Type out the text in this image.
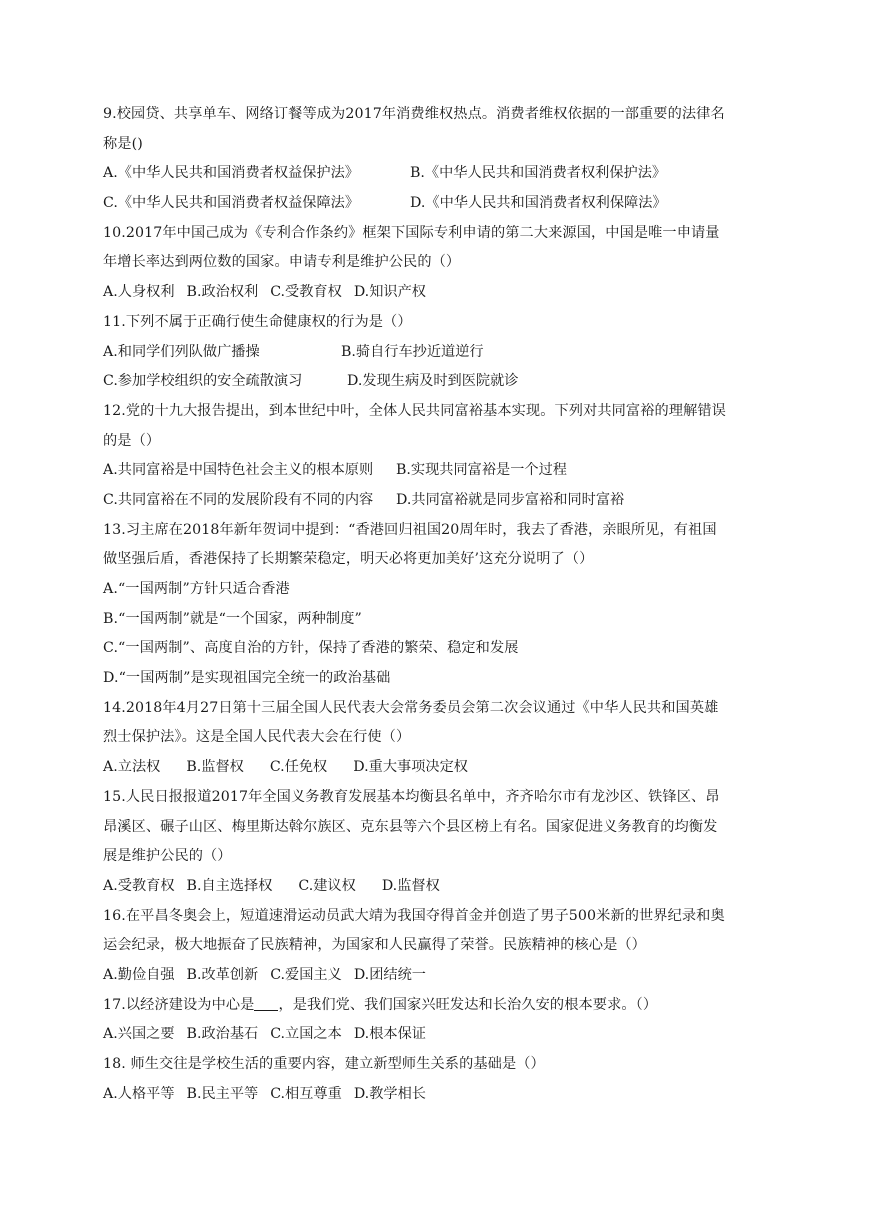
9.校园贷、共享单车、网络订餐等成为2017年消费维权热点。消费者维权依据的一部重要的法律名
称是()
A.《中华人民共和国消费者权益保护法》	B.《中华人民共和国消费者权利保护法》
C.《中华人民共和国消费者权益保障法》	D.《中华人民共和国消费者权利保障法》
10.2017年中国己成为《专利合作条约》框架下国际专利申请的第二大来源国，中国是唯一申请量
年增长率达到两位数的国家。申请专利是维护公民的（）
A.人身权利 B.政治权利 C.受教育权 D.知识产权
11.下列不属于正确行使生命健康权的行为是（）
A.和同学们列队做广播操	B.骑自行车抄近道逆行
C.参加学校组织的安全疏散演习	D.发现生病及时到医院就诊
12.党的十九大报告提出，到本世纪中叶，全体人民共同富裕基本实现。下列对共同富裕的理解错误
的是（）
A.共同富裕是中国特色社会主义的根本原则	B.实现共同富裕是一个过程
C.共同富裕在不同的发展阶段有不同的内容	D.共同富裕就是同步富裕和同时富裕
13.习主席在2018年新年贺词中提到：“香港回归祖国20周年时，我去了香港，亲眼所见，有祖国
做坚强后盾，香港保持了长期繁荣稳定，明天必将更加美好’这充分说明了（）
A.“一国两制”方针只适合香港
B.“一国两制”就是“一个国家，两种制度”
C.“一国两制”、高度自治的方针，保持了香港的繁荣、稳定和发展
D.“一国两制”是实现祖国完全统一的政治基础
14.2018年4月27日第十三届全国人民代表大会常务委员会第二次会议通过《中华人民共和国英雄
烈士保护法》。这是全国人民代表大会在行使（）
A.立法权 B.监督权 C.任免权 D.重大事项决定权
15.人民日报报道2017年全国义务教育发展基本均衡县名单中，齐齐哈尔市有龙沙区、铁锋区、昂
昂溪区、碾子山区、梅里斯达斡尔族区、克东县等六个县区榜上有名。国家促进义务教育的均衡发
展是维护公民的（）
A.受教育权 B.自主选择权 C.建议权 D.监督权
16.在平昌冬奥会上，短道速滑运动员武大靖为我国夺得首金并创造了男子500米新的世界纪录和奥
运会纪录，极大地振奋了民族精神，为国家和人民赢得了荣誉。民族精神的核心是（）
A.勤俭自强 B.改革创新 C.爱国主义 D.团结统一
17.以经济建设为中心是 ，是我们党、我们国家兴旺发达和长治久安的根本要求。（）
A.兴国之要 B.政治基石 C.立国之本 D.根本保证
18. 师生交往是学校生活的重要内容，建立新型师生关系的基础是（）
A.人格平等 B.民主平等 C.相互尊重 D.教学相长
